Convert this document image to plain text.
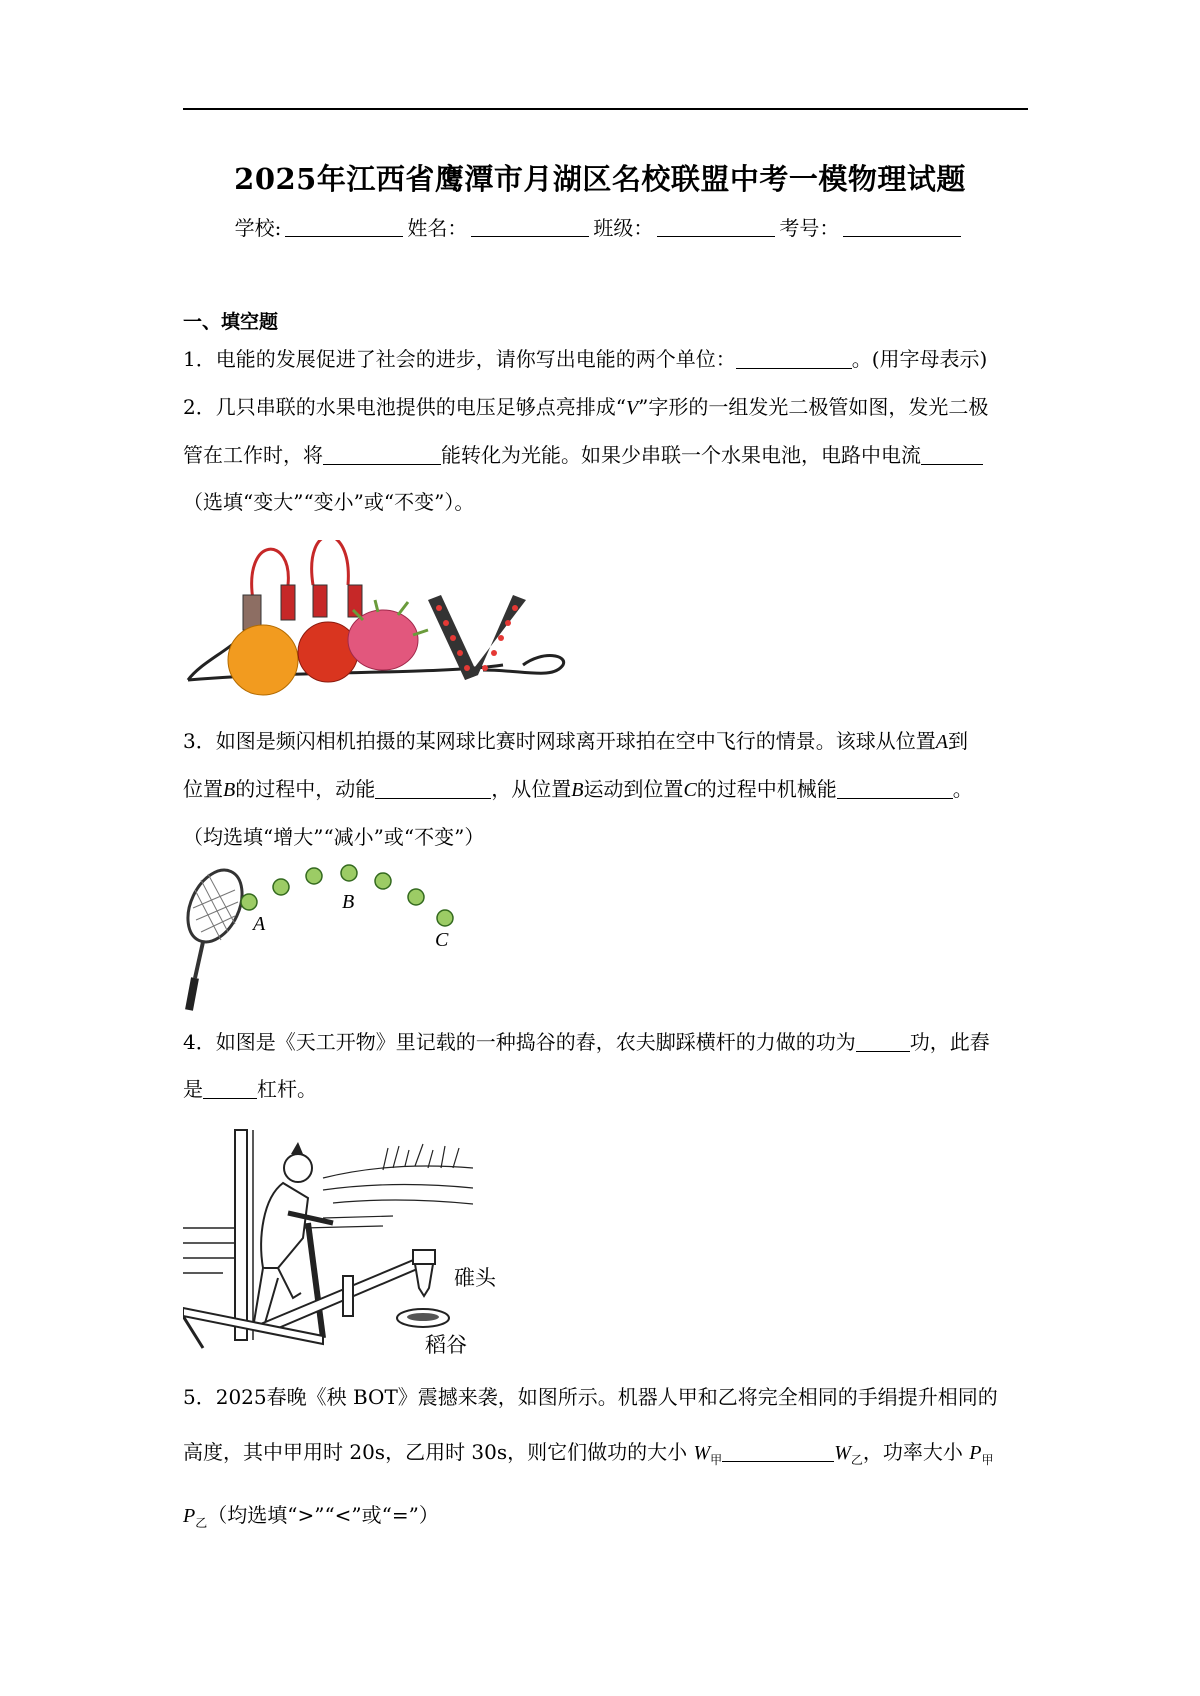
2025年江西省鹰潭市月湖区名校联盟中考一模物理试题
学校:	姓名：	班级：	考号：
一、填空题
1．电能的发展促进了社会的进步，请你写出电能的两个单位：	。(用字母表示)
2．几只串联的水果电池提供的电压足够点亮排成“V”字形的一组发光二极管如图，发光二极
管在工作时，将	能转化为光能。如果少串联一个水果电池，电路中电流
（选填“变大”“变小”或“不变”）。
3．如图是频闪相机拍摄的某网球比赛时网球离开球拍在空中飞行的情景。该球从位置A到
位置B的过程中，动能	，从位置B运动到位置C的过程中机械能	。
（均选填“增大”“减小”或“不变”）
A
B
C
4．如图是《天工开物》里记载的一种捣谷的舂，农夫脚踩横杆的力做的功为	功，此舂
是	杠杆。
碓头
稻谷
5．2025春晚《秧 BOT》震撼来袭，如图所示。机器人甲和乙将完全相同的手绢提升相同的
高度，其中甲用时 20s，乙用时 30s，则它们做功的大小 $W_甲$	$W_乙$，功率大小 $P_甲$
$P_乙$（均选填“>”“<”或“=”）
